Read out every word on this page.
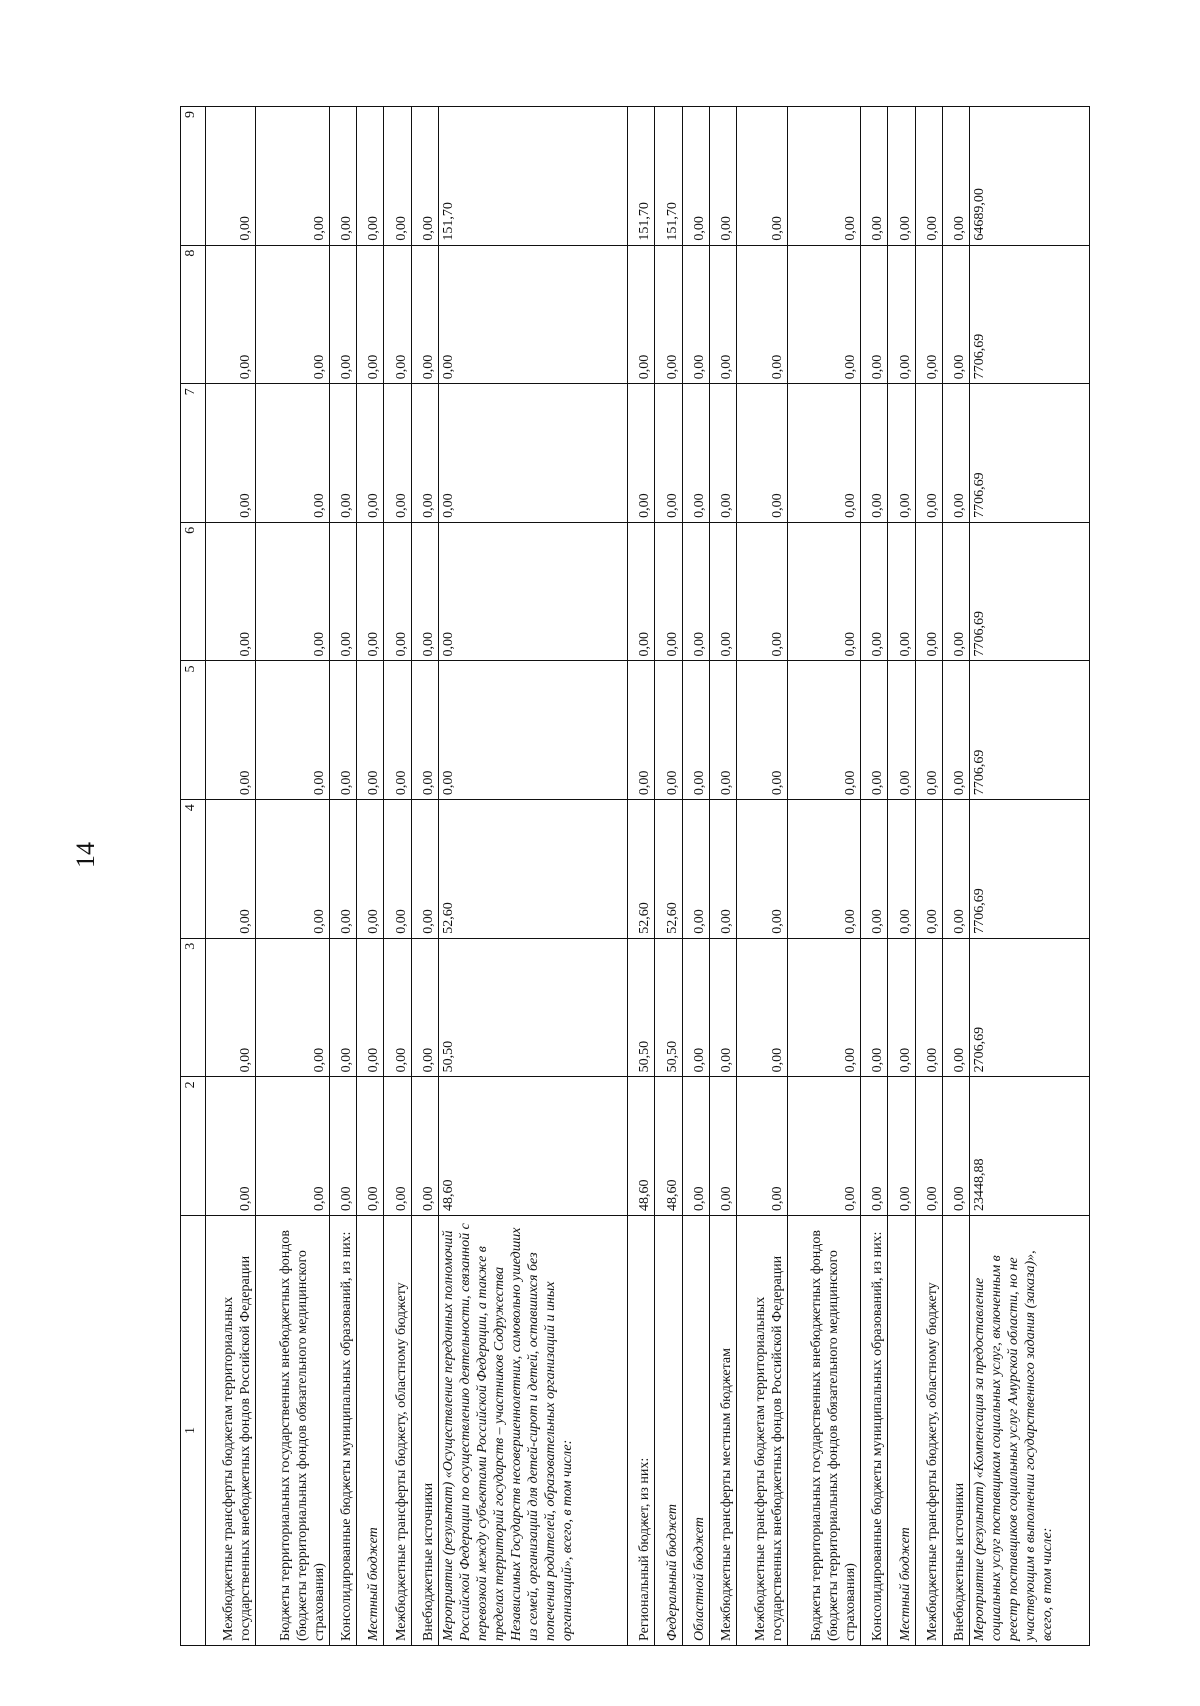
14
1	2	3	4	5	6	7	8	9
Межбюджетные трансферты бюджетам территориальных государственных внебюджетных фондов Российской Федерации	0,00	0,00	0,00	0,00	0,00	0,00	0,00	0,00
Бюджеты территориальных государственных внебюджетных фондов (бюджеты территориальных фондов обязательного медицинского страхования)	0,00	0,00	0,00	0,00	0,00	0,00	0,00	0,00
Консолидированные бюджеты муниципальных образований, из них:	0,00	0,00	0,00	0,00	0,00	0,00	0,00	0,00
Местный бюджет	0,00	0,00	0,00	0,00	0,00	0,00	0,00	0,00
Межбюджетные трансферты бюджету, областному бюджету	0,00	0,00	0,00	0,00	0,00	0,00	0,00	0,00
Внебюджетные источники	0,00	0,00	0,00	0,00	0,00	0,00	0,00	0,00
Мероприятие (результат) «Осуществление переданных полномочий Российской Федерации по осуществлению деятельности, связанной с перевозкой между субъектами Российской Федерации, а также в пределах территорий государств – участников Содружества Независимых Государств несовершеннолетних, самовольно ушедших из семей, организаций для детей-сирот и детей, оставшихся без попечения родителей, образовательных организаций и иных организаций», всего, в том числе:	48,60	50,50	52,60	0,00	0,00	0,00	0,00	151,70
Региональный бюджет, из них:	48,60	50,50	52,60	0,00	0,00	0,00	0,00	151,70
Федеральный бюджет	48,60	50,50	52,60	0,00	0,00	0,00	0,00	151,70
Областной бюджет	0,00	0,00	0,00	0,00	0,00	0,00	0,00	0,00
Межбюджетные трансферты местным бюджетам	0,00	0,00	0,00	0,00	0,00	0,00	0,00	0,00
Межбюджетные трансферты бюджетам территориальных государственных внебюджетных фондов Российской Федерации	0,00	0,00	0,00	0,00	0,00	0,00	0,00	0,00
Бюджеты территориальных государственных внебюджетных фондов (бюджеты территориальных фондов обязательного медицинского страхования)	0,00	0,00	0,00	0,00	0,00	0,00	0,00	0,00
Консолидированные бюджеты муниципальных образований, из них:	0,00	0,00	0,00	0,00	0,00	0,00	0,00	0,00
Местный бюджет	0,00	0,00	0,00	0,00	0,00	0,00	0,00	0,00
Межбюджетные трансферты бюджету, областному бюджету	0,00	0,00	0,00	0,00	0,00	0,00	0,00	0,00
Внебюджетные источники	0,00	0,00	0,00	0,00	0,00	0,00	0,00	0,00
Мероприятие (результат) «Компенсация за предоставление социальных услуг поставщикам социальных услуг, включенным в реестр поставщиков социальных услуг Амурской области, но не участвующим в выполнении государственного задания (заказа)», всего, в том числе:	23448,88	2706,69	7706,69	7706,69	7706,69	7706,69	7706,69	64689,00
